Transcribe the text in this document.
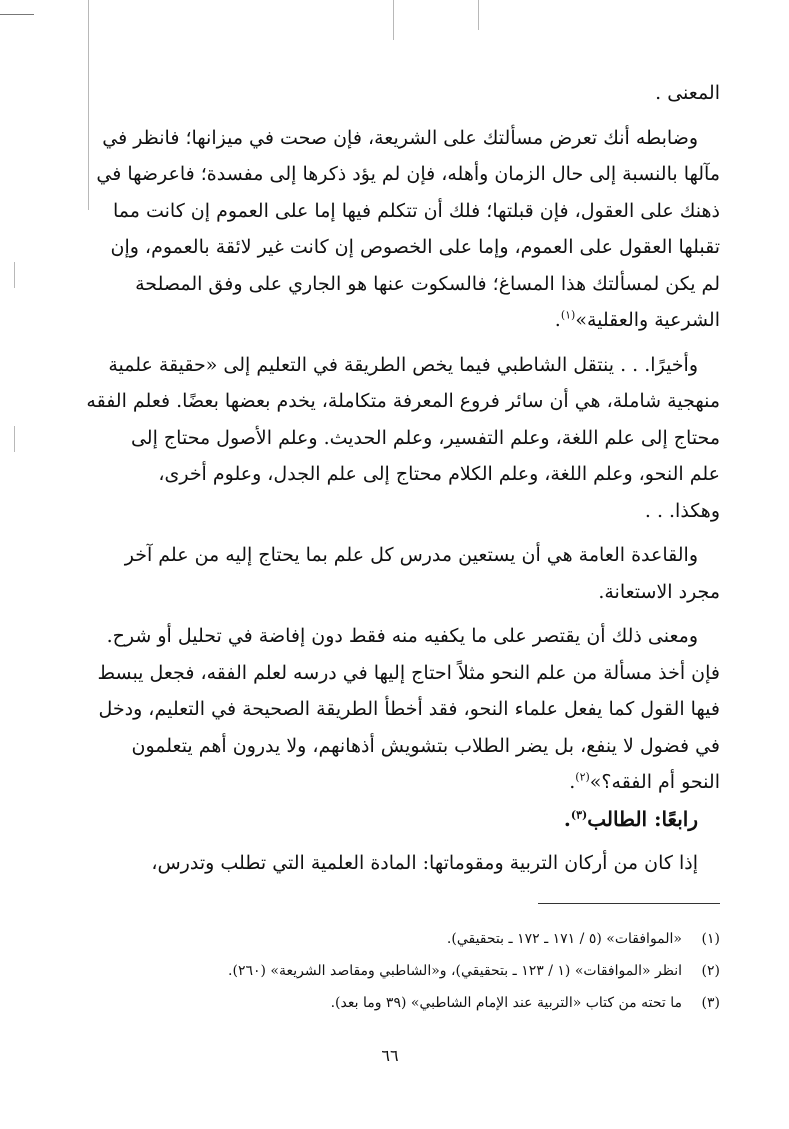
المعنى .
وضابطه أنك تعرض مسألتك على الشريعة، فإن صحت في ميزانها؛ فانظر في
مآلها بالنسبة إلى حال الزمان وأهله، فإن لم يؤد ذكرها إلى مفسدة؛ فاعرضها في
ذهنك على العقول، فإن قبلتها؛ فلك أن تتكلم فيها إما على العموم إن كانت مما
تقبلها العقول على العموم، وإما على الخصوص إن كانت غير لائقة بالعموم، وإن
لم يكن لمسألتك هذا المساغ؛ فالسكوت عنها هو الجاري على وفق المصلحة
الشرعية والعقلية»$^{(١)}$.
وأخيرًا. . . ينتقل الشاطبي فيما يخص الطريقة في التعليم إلى «حقيقة علمية
منهجية شاملة، هي أن سائر فروع المعرفة متكاملة، يخدم بعضها بعضًا. فعلم الفقه
محتاج إلى علم اللغة، وعلم التفسير، وعلم الحديث. وعلم الأصول محتاج إلى
علم النحو، وعلم اللغة، وعلم الكلام محتاج إلى علم الجدل، وعلوم أخرى،
وهكذا. . .
والقاعدة العامة هي أن يستعين مدرس كل علم بما يحتاج إليه من علم آخر
مجرد الاستعانة.
ومعنى ذلك أن يقتصر على ما يكفيه منه فقط دون إفاضة في تحليل أو شرح.
فإن أخذ مسألة من علم النحو مثلاً احتاج إليها في درسه لعلم الفقه، فجعل يبسط
فيها القول كما يفعل علماء النحو، فقد أخطأ الطريقة الصحيحة في التعليم، ودخل
في فضول لا ينفع، بل يضر الطلاب بتشويش أذهانهم، ولا يدرون أهم يتعلمون
النحو أم الفقه؟»$^{(٢)}$.
رابعًا: الطالب$^{(٣)}$.
إذا كان من أركان التربية ومقوماتها: المادة العلمية التي تطلب وتدرس،
(١)«الموافقات» (٥ / ١٧١ ـ ١٧٢ ـ بتحقيقي).
(٢)انظر «الموافقات» (١ / ١٢٣ ـ بتحقيقي)، و«الشاطبي ومقاصد الشريعة» (٢٦٠).
(٣)ما تحته من كتاب «التربية عند الإمام الشاطبي» (٣٩ وما بعد).
٦٦
